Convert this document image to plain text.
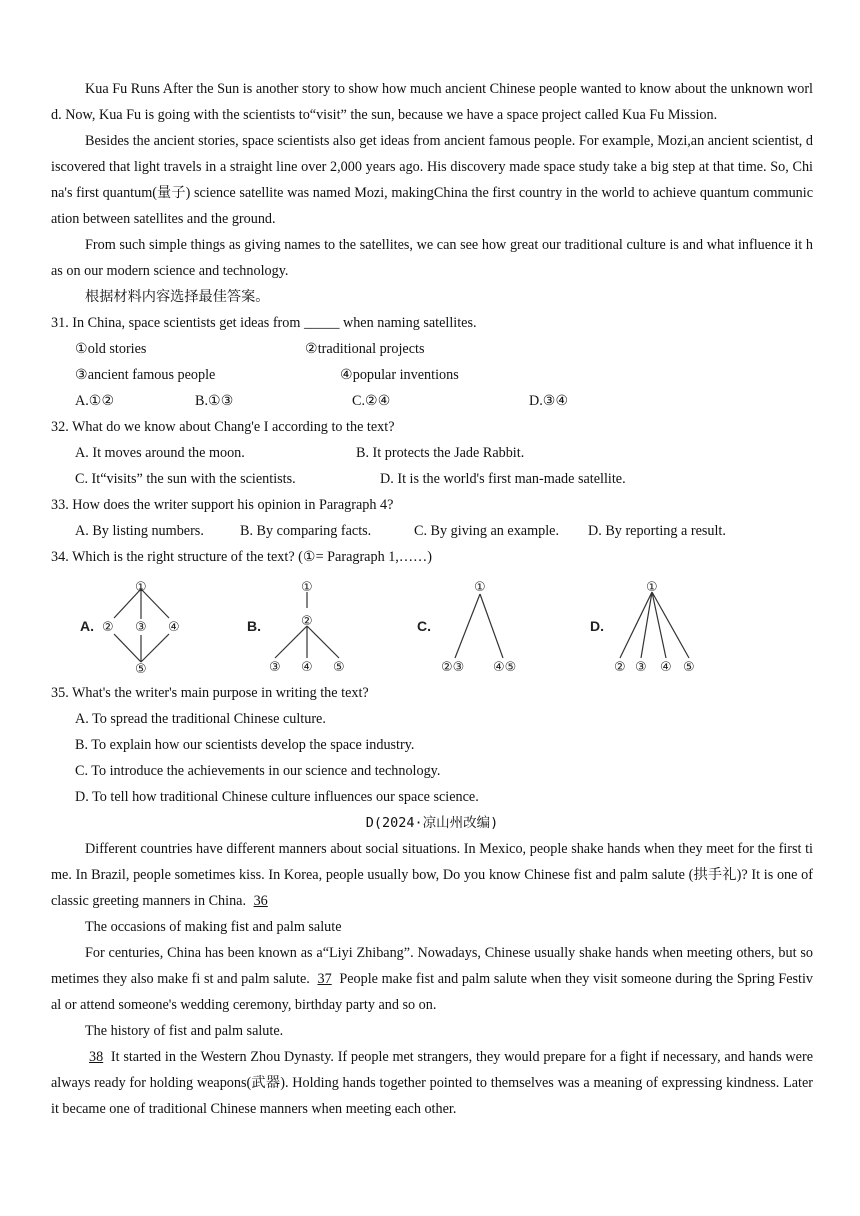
Kua Fu Runs After the Sun is another story to show how much ancient Chinese people wanted to know about the unknown world. Now, Kua Fu is going with the scientists to“visit” the sun, because we have a space project called Kua Fu Mission.

Besides the ancient stories, space scientists also get ideas from ancient famous people. For example, Mozi,an ancient scientist, discovered that light travels in a straight line over 2,000 years ago. His discovery made space study take a big step at that time. So, China's first quantum(量子) science satellite was named Mozi, makingChina the first country in the world to achieve quantum communication between satellites and the ground.

From such simple things as giving names to the satellites, we can see how great our traditional culture is and what influence it has on our modern science and technology.

根据材料内容选择最佳答案。

31. In China, space scientists get ideas from _____ when naming satellites.

①old stories	②traditional projects
③ancient famous people	④popular inventions
A.①②	B.①③	C.②④	D.③④

32. What do we know about Chang'e I according to the text?

A. It moves around the moon.	B. It protects the Jade Rabbit.
C. It“visits” the sun with the scientists.	D. It is the world's first man-made satellite.

33. How does the writer support his opinion in Paragraph 4?

A. By listing numbers.	B. By comparing facts.	C. By giving an example.	D. By reporting a result.

34. Which is the right structure of the text? (①= Paragraph 1,……)

A.	B.	C.	D.
①
② ③ ④
⑤
①
②
③ ④ ⑤
①
②③ ④⑤
①
② ③ ④ ⑤

35. What's the writer's main purpose in writing the text?

A. To spread the traditional Chinese culture.

B. To explain how our scientists develop the space industry.

C. To introduce the achievements in our science and technology.

D. To tell how traditional Chinese culture influences our space science.

D(2024·凉山州改编)

Different countries have different manners about social situations. In Mexico, people shake hands when they meet for the first time. In Brazil, people sometimes kiss. In Korea, people usually bow, Do you know Chinese fist and palm salute (拱手礼)? It is one of classic greeting manners in China. 36

The occasions of making fist and palm salute

For centuries, China has been known as a“Liyi Zhibang”. Nowadays, Chinese usually shake hands when meeting others, but sometimes they also make fi st and palm salute. 37 People make fist and palm salute when they visit someone during the Spring Festival or attend someone's wedding ceremony, birthday party and so on.

The history of fist and palm salute.

38 It started in the Western Zhou Dynasty. If people met strangers, they would prepare for a fight if necessary, and hands were always ready for holding weapons(武器). Holding hands together pointed to themselves was a meaning of expressing kindness. Later it became one of traditional Chinese manners when meeting each other.
